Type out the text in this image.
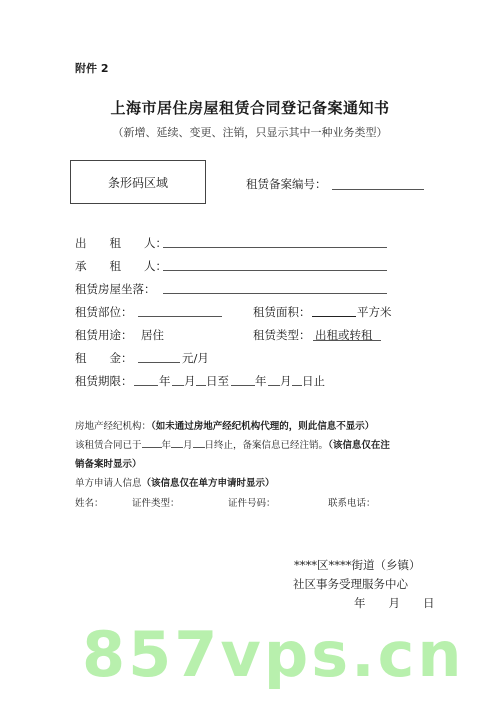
附件 2
上海市居住房屋租赁合同登记备案通知书
（新增、延续、变更、注销，只显示其中一种业务类型）
条形码区域	租赁备案编号：
出　　租　　人：
承　　租　　人：
租赁房屋坐落：
租赁部位：	租赁面积：	平方米
租赁用途： 居住	租赁类型： 出租或转租
租　　金：	元/月
租赁期限： 年 月 日至 年 月 日止
房地产经纪机构：（如未通过房地产经纪机构代理的，则此信息不显示）
该租赁合同已于 年 月 日终止，备案信息已经注销。（该信息仅在注
销备案时显示）
单方申请人信息（该信息仅在单方申请时显示）
姓名：	证件类型：	证件号码：	联系电话：
****区****街道（乡镇）
社区事务受理服务中心
年　　月　　日
857vps.cn
